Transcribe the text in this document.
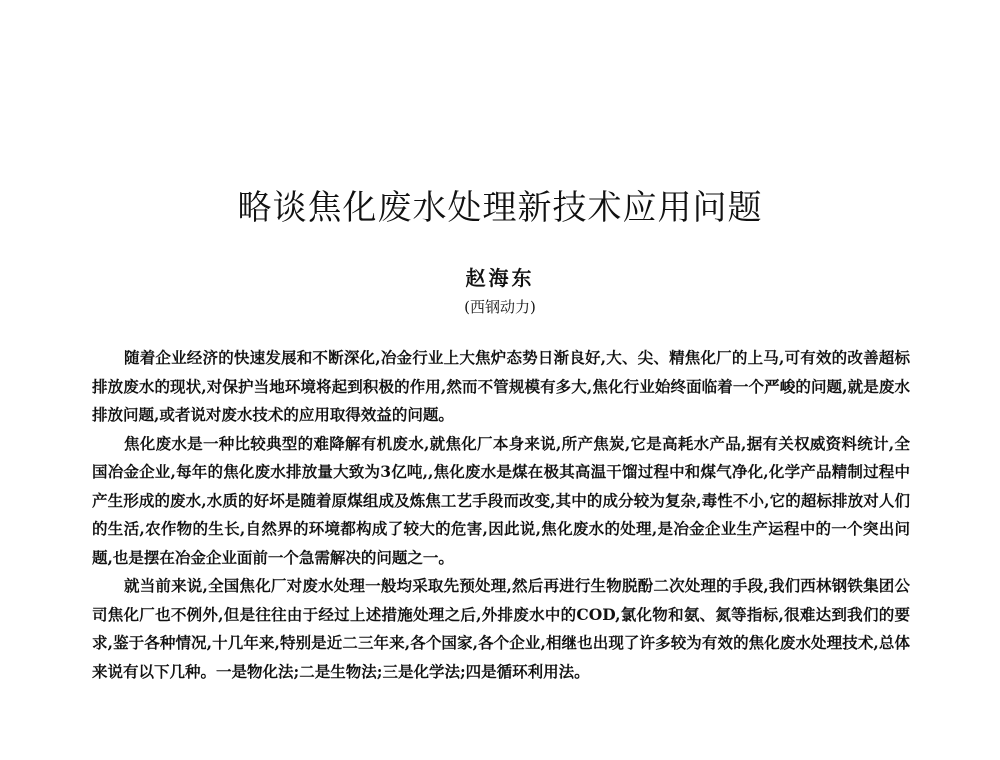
略谈焦化废水处理新技术应用问题
赵海东
(西钢动力)

随着企业经济的快速发展和不断深化,冶金行业上大焦炉态势日渐良好,大、尖、精焦化厂的上马,可有效的改善超标排放废水的现状,对保护当地环境将起到积极的作用,然而不管规模有多大,焦化行业始终面临着一个严峻的问题,就是废水排放问题,或者说对废水技术的应用取得效益的问题。

焦化废水是一种比较典型的难降解有机废水,就焦化厂本身来说,所产焦炭,它是高耗水产品,据有关权威资料统计,全国冶金企业,每年的焦化废水排放量大致为3亿吨,,焦化废水是煤在极其高温干馏过程中和煤气净化,化学产品精制过程中产生形成的废水,水质的好坏是随着原煤组成及炼焦工艺手段而改变,其中的成分较为复杂,毒性不小,它的超标排放对人们的生活,农作物的生长,自然界的环境都构成了较大的危害,因此说,焦化废水的处理,是冶金企业生产运程中的一个突出问题,也是摆在冶金企业面前一个急需解决的问题之一。

就当前来说,全国焦化厂对废水处理一般均采取先预处理,然后再进行生物脱酚二次处理的手段,我们西林钢铁集团公司焦化厂也不例外,但是往往由于经过上述措施处理之后,外排废水中的COD,氯化物和氨、氮等指标,很难达到我们的要求,鉴于各种情况,十几年来,特别是近二三年来,各个国家,各个企业,相继也出现了许多较为有效的焦化废水处理技术,总体来说有以下几种。一是物化法;二是生物法;三是化学法;四是循环利用法。
